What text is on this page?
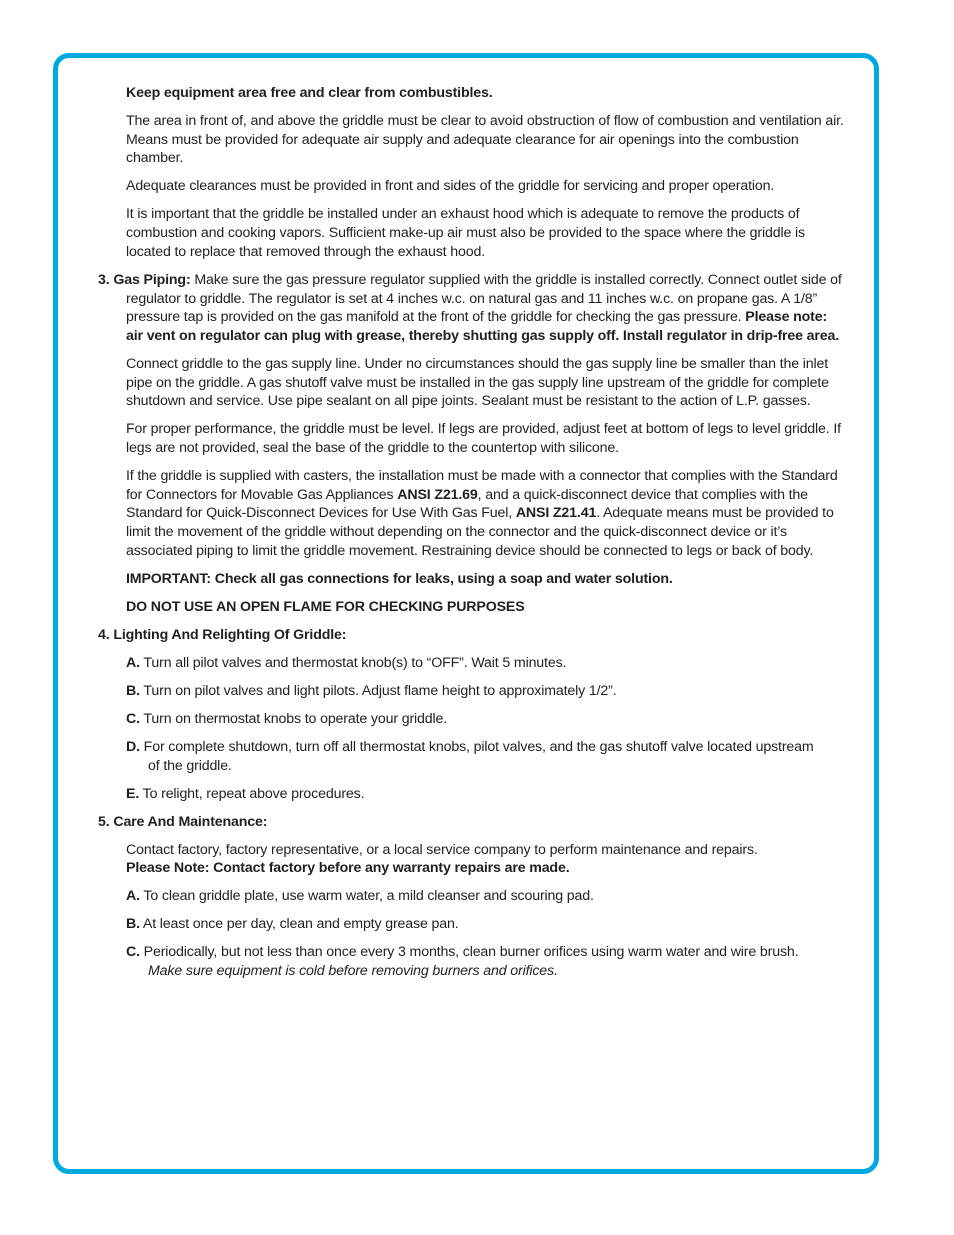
Keep equipment area free and clear from combustibles.
The area in front of, and above the griddle must be clear to avoid obstruction of flow of combustion and ventilation air. Means must be provided for adequate air supply and adequate clearance for air openings into the combustion chamber.
Adequate clearances must be provided in front and sides of the griddle for servicing and proper operation.
It is important that the griddle be installed under an exhaust hood which is adequate to remove the products of combustion and cooking vapors. Sufficient make-up air must also be provided to the space where the griddle is located to replace that removed through the exhaust hood.
3. Gas Piping: Make sure the gas pressure regulator supplied with the griddle is installed correctly. Connect outlet side of regulator to griddle. The regulator is set at 4 inches w.c. on natural gas and 11 inches w.c. on propane gas. A 1/8” pressure tap is provided on the gas manifold at the front of the griddle for checking the gas pressure. Please note: air vent on regulator can plug with grease, thereby shutting gas supply off. Install regulator in drip-free area.
Connect griddle to the gas supply line. Under no circumstances should the gas supply line be smaller than the inlet pipe on the griddle. A gas shutoff valve must be installed in the gas supply line upstream of the griddle for complete shutdown and service. Use pipe sealant on all pipe joints. Sealant must be resistant to the action of L.P. gasses.
For proper performance, the griddle must be level. If legs are provided, adjust feet at bottom of legs to level griddle. If legs are not provided, seal the base of the griddle to the countertop with silicone.
If the griddle is supplied with casters, the installation must be made with a connector that complies with the Standard for Connectors for Movable Gas Appliances ANSI Z21.69, and a quick-disconnect device that complies with the Standard for Quick-Disconnect Devices for Use With Gas Fuel, ANSI Z21.41. Adequate means must be provided to limit the movement of the griddle without depending on the connector and the quick-disconnect device or it’s associated piping to limit the griddle movement. Restraining device should be connected to legs or back of body.
IMPORTANT: Check all gas connections for leaks, using a soap and water solution.
DO NOT USE AN OPEN FLAME FOR CHECKING PURPOSES
4. Lighting And Relighting Of Griddle:
A. Turn all pilot valves and thermostat knob(s) to “OFF”. Wait 5 minutes.
B. Turn on pilot valves and light pilots. Adjust flame height to approximately 1/2”.
C. Turn on thermostat knobs to operate your griddle.
D. For complete shutdown, turn off all thermostat knobs, pilot valves, and the gas shutoff valve located upstream of the griddle.
E. To relight, repeat above procedures.
5. Care And Maintenance:
Contact factory, factory representative, or a local service company to perform maintenance and repairs.
Please Note: Contact factory before any warranty repairs are made.
A. To clean griddle plate, use warm water, a mild cleanser and scouring pad.
B. At least once per day, clean and empty grease pan.
C. Periodically, but not less than once every 3 months, clean burner orifices using warm water and wire brush. Make sure equipment is cold before removing burners and orifices.
